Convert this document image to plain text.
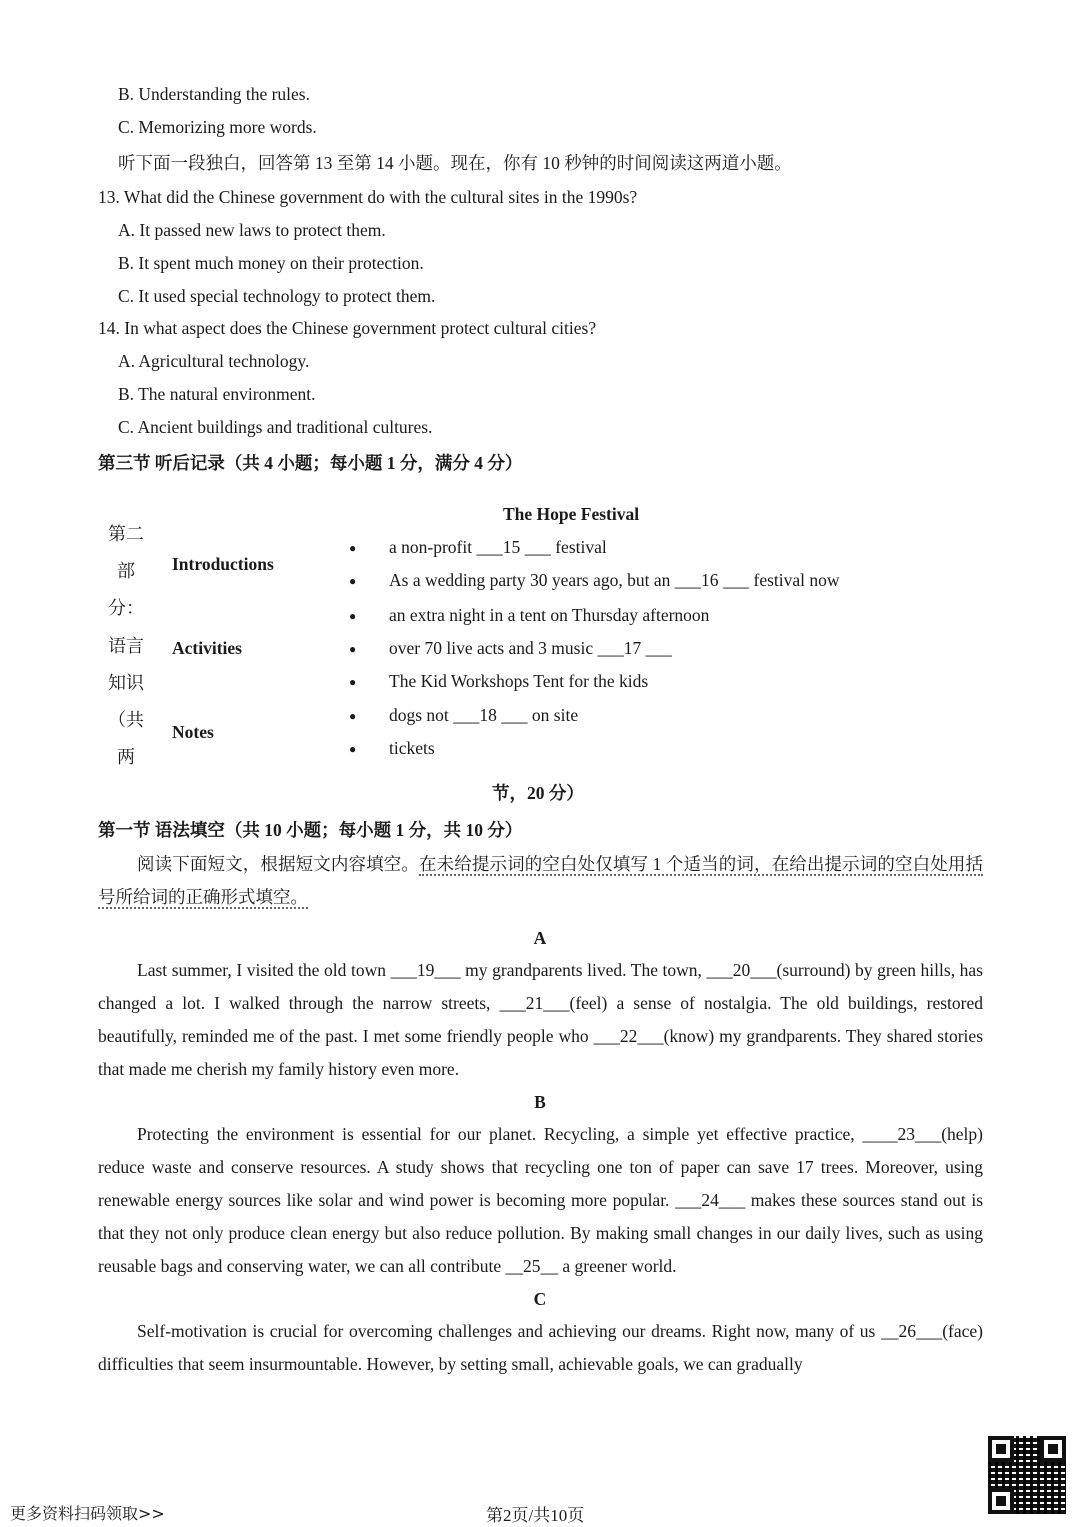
B. Understanding the rules.
C. Memorizing more words.
听下面一段独白，回答第 13 至第 14 小题。现在，你有 10 秒钟的时间阅读这两道小题。
13. What did the Chinese government do with the cultural sites in the 1990s?
A. It passed new laws to protect them.
B. It spent much money on their protection.
C. It used special technology to protect them.
14. In what aspect does the Chinese government protect cultural cities?
A. Agricultural technology.
B. The natural environment.
C. Ancient buildings and traditional cultures.
第三节 听后记录（共 4 小题；每小题 1 分，满分 4 分）
The Hope Festival
第二
部
分：
语言
知识
（共
两
Introductions
Activities
Notes
● a non-profit ___15 ___ festival
● As a wedding party 30 years ago, but an ___16 ___ festival now
● an extra night in a tent on Thursday afternoon
● over 70 live acts and 3 music ___17 ___
● The Kid Workshops Tent for the kids
● dogs not ___18 ___ on site
● tickets
节，20 分）
第一节 语法填空（共 10 小题；每小题 1 分，共 10 分）
阅读下面短文，根据短文内容填空。在未给提示词的空白处仅填写 1 个适当的词，在给出提示词的空白处用括号所给词的正确形式填空。
A
Last summer, I visited the old town ___19___ my grandparents lived. The town, ___20___(surround) by green hills, has changed a lot. I walked through the narrow streets, ___21___(feel) a sense of nostalgia. The old buildings, restored beautifully, reminded me of the past. I met some friendly people who ___22___(know) my grandparents. They shared stories that made me cherish my family history even more.
B
Protecting the environment is essential for our planet. Recycling, a simple yet effective practice, ____23___(help) reduce waste and conserve resources. A study shows that recycling one ton of paper can save 17 trees. Moreover, using renewable energy sources like solar and wind power is becoming more popular. ___24___ makes these sources stand out is that they not only produce clean energy but also reduce pollution. By making small changes in our daily lives, such as using reusable bags and conserving water, we can all contribute __25__ a greener world.
C
Self-motivation is crucial for overcoming challenges and achieving our dreams. Right now, many of us __26___(face) difficulties that seem insurmountable. However, by setting small, achievable goals, we can gradually
更多资料扫码领取>>	第2页/共10页
